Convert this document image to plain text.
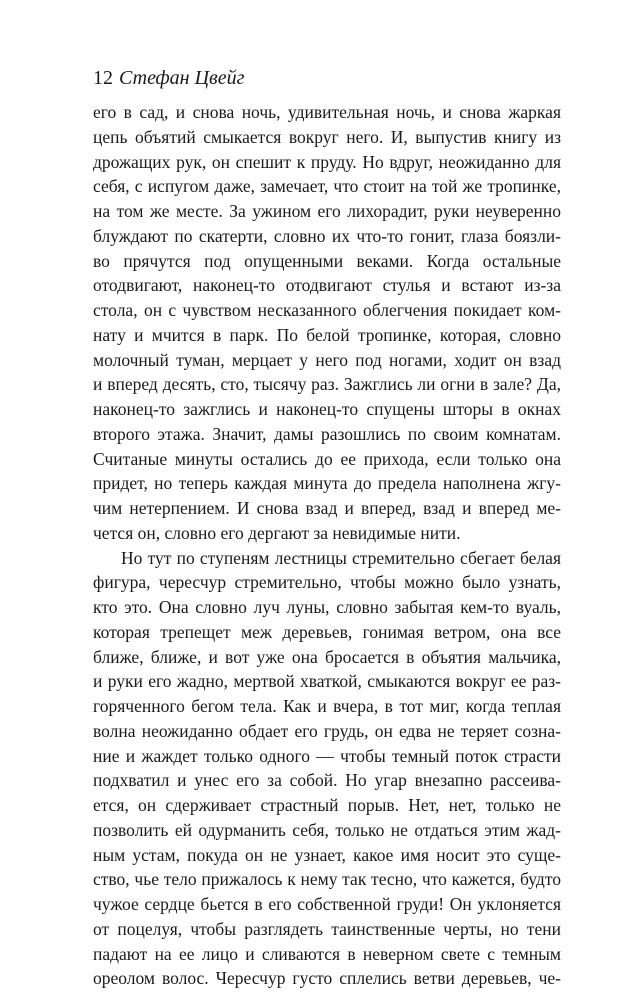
12 Стефан Цвейг
его в сад, и снова ночь, удивительная ночь, и снова жаркая
цепь объятий смыкается вокруг него. И, выпустив книгу из
дрожащих рук, он спешит к пруду. Но вдруг, неожиданно для
себя, с испугом даже, замечает, что стоит на той же тропинке,
на том же месте. За ужином его лихорадит, руки неуверенно
блуждают по скатерти, словно их что-то гонит, глаза боязли-
во прячутся под опущенными веками. Когда остальные
отодвигают, наконец-то отодвигают стулья и встают из-за
стола, он с чувством несказанного облегчения покидает ком-
нату и мчится в парк. По белой тропинке, которая, словно
молочный туман, мерцает у него под ногами, ходит он взад
и вперед десять, сто, тысячу раз. Зажглись ли огни в зале? Да,
наконец-то зажглись и наконец-то спущены шторы в окнах
второго этажа. Значит, дамы разошлись по своим комнатам.
Считаные минуты остались до ее прихода, если только она
придет, но теперь каждая минута до предела наполнена жгу-
чим нетерпением. И снова взад и вперед, взад и вперед ме-
чется он, словно его дергают за невидимые нити.
Но тут по ступеням лестницы стремительно сбегает белая
фигура, чересчур стремительно, чтобы можно было узнать,
кто это. Она словно луч луны, словно забытая кем-то вуаль,
которая трепещет меж деревьев, гонимая ветром, она все
ближе, ближе, и вот уже она бросается в объятия мальчика,
и руки его жадно, мертвой хваткой, смыкаются вокруг ее раз-
горяченного бегом тела. Как и вчера, в тот миг, когда теплая
волна неожиданно обдает его грудь, он едва не теряет созна-
ние и жаждет только одного — чтобы темный поток страсти
подхватил и унес его за собой. Но угар внезапно рассеива-
ется, он сдерживает страстный порыв. Нет, нет, только не
позволить ей одурманить себя, только не отдаться этим жад-
ным устам, покуда он не узнает, какое имя носит это суще-
ство, чье тело прижалось к нему так тесно, что кажется, будто
чужое сердце бьется в его собственной груди! Он уклоняется
от поцелуя, чтобы разглядеть таинственные черты, но тени
падают на ее лицо и сливаются в неверном свете с темным
ореолом волос. Чересчур густо сплелись ветви деревьев, че-
